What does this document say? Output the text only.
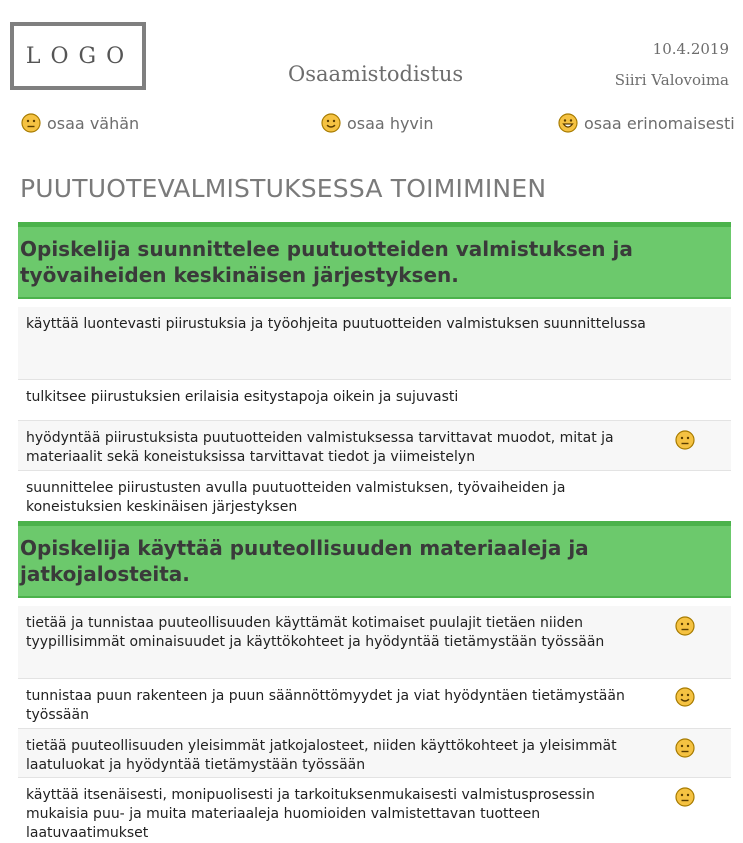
LOGO
Osaamistodistus
10.4.2019
Siiri Valovoima
osaa vähän	osaa hyvin	osaa erinomaisesti
PUUTUOTEVALMISTUKSESSA TOIMIMINEN
Opiskelija suunnittelee puutuotteiden valmistuksen ja työvaiheiden keskinäisen järjestyksen.
käyttää luontevasti piirustuksia ja työohjeita puutuotteiden valmistuksen suunnittelussa
tulkitsee piirustuksien erilaisia esitystapoja oikein ja sujuvasti
hyödyntää piirustuksista puutuotteiden valmistuksessa tarvittavat muodot, mitat ja materiaalit sekä koneistuksissa tarvittavat tiedot ja viimeistelyn
suunnittelee piirustusten avulla puutuotteiden valmistuksen, työvaiheiden ja koneistuksien keskinäisen järjestyksen
Opiskelija käyttää puuteollisuuden materiaaleja ja jatkojalosteita.
tietää ja tunnistaa puuteollisuuden käyttämät kotimaiset puulajit tietäen niiden tyypillisimmät ominaisuudet ja käyttökohteet ja hyödyntää tietämystään työssään
tunnistaa puun rakenteen ja puun säännöttömyydet ja viat hyödyntäen tietämystään työssään
tietää puuteollisuuden yleisimmät jatkojalosteet, niiden käyttökohteet ja yleisimmät laatuluokat ja hyödyntää tietämystään työssään
käyttää itsenäisesti, monipuolisesti ja tarkoituksenmukaisesti valmistusprosessin mukaisia puu- ja muita materiaaleja huomioiden valmistettavan tuotteen laatuvaatimukset
